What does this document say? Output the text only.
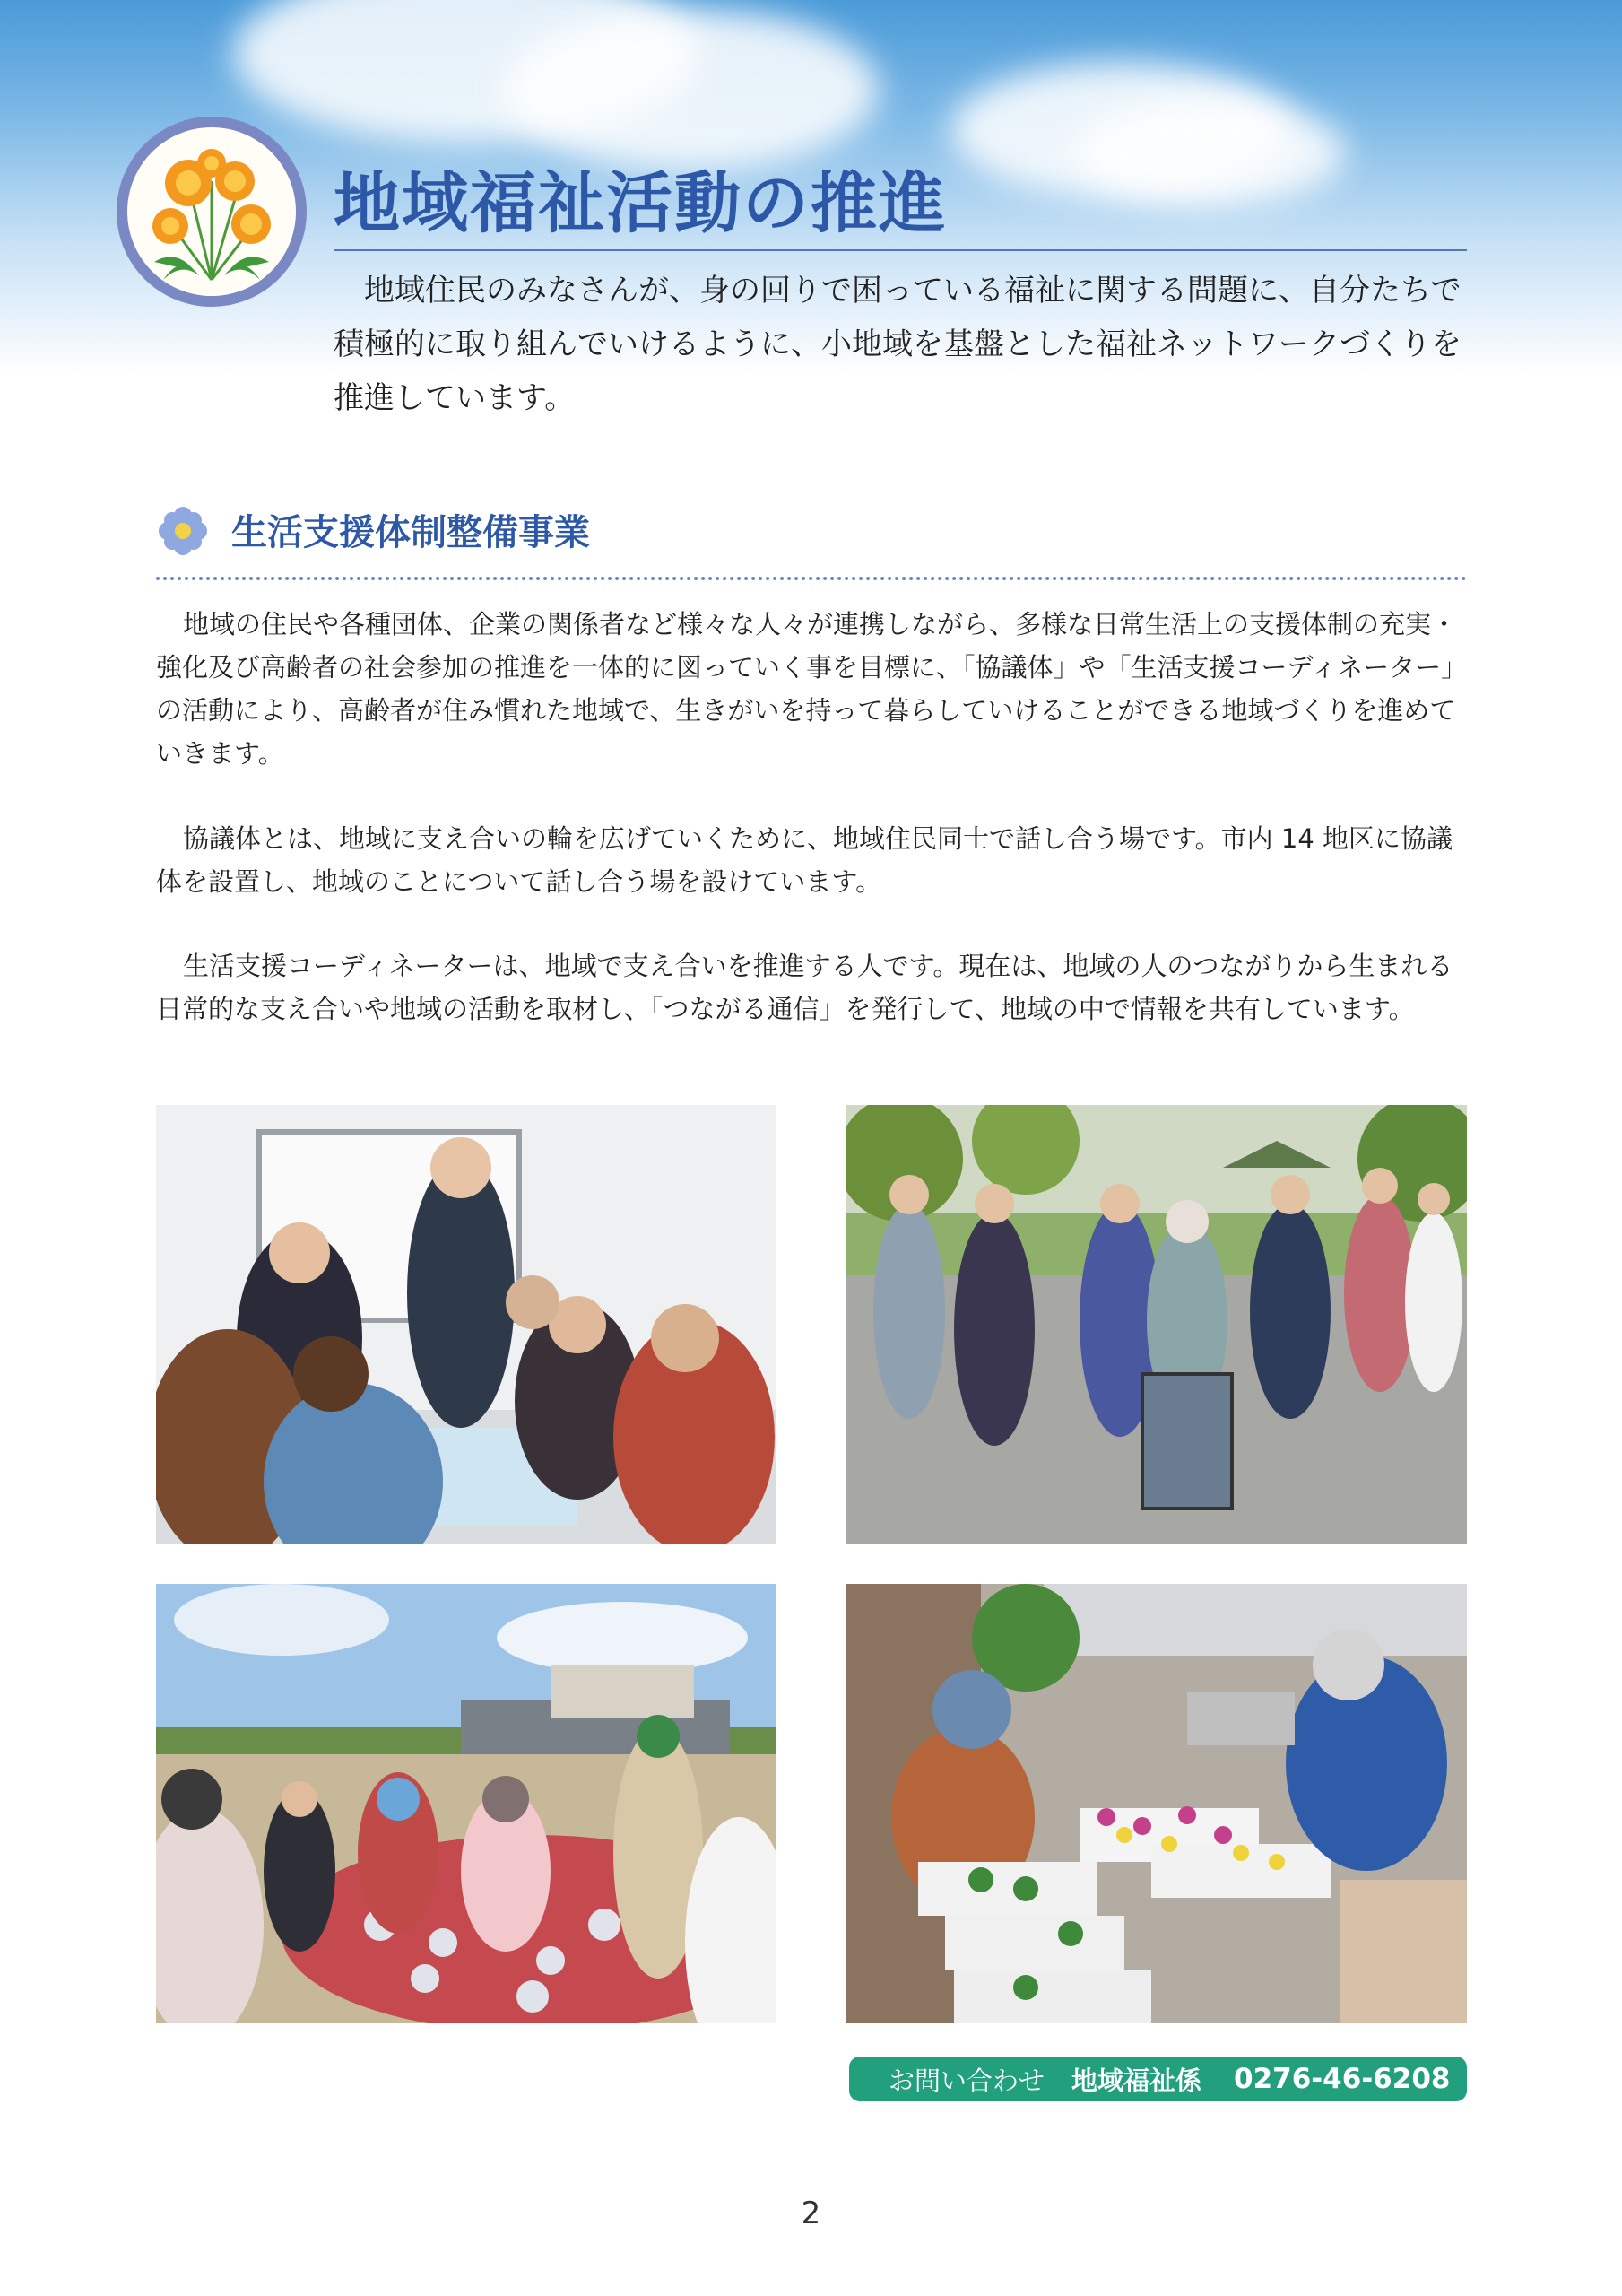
地域福祉活動の推進
地域住民のみなさんが、身の回りで困っている福祉に関する問題に、自分たちで積極的に取り組んでいけるように、小地域を基盤とした福祉ネットワークづくりを推進しています。
生活支援体制整備事業
地域の住民や各種団体、企業の関係者など様々な人々が連携しながら、多様な日常生活上の支援体制の充実・強化及び高齢者の社会参加の推進を一体的に図っていく事を目標に、「協議体」や「生活支援コーディネーター」の活動により、高齢者が住み慣れた地域で、生きがいを持って暮らしていけることができる地域づくりを進めていきます。
協議体とは、地域に支え合いの輪を広げていくために、地域住民同士で話し合う場です。市内 14 地区に協議体を設置し、地域のことについて話し合う場を設けています。
生活支援コーディネーターは、地域で支え合いを推進する人です。現在は、地域の人のつながりから生まれる日常的な支え合いや地域の活動を取材し、「つながる通信」を発行して、地域の中で情報を共有しています。
お問い合わせ 地域福祉係 0276-46-6208
2
